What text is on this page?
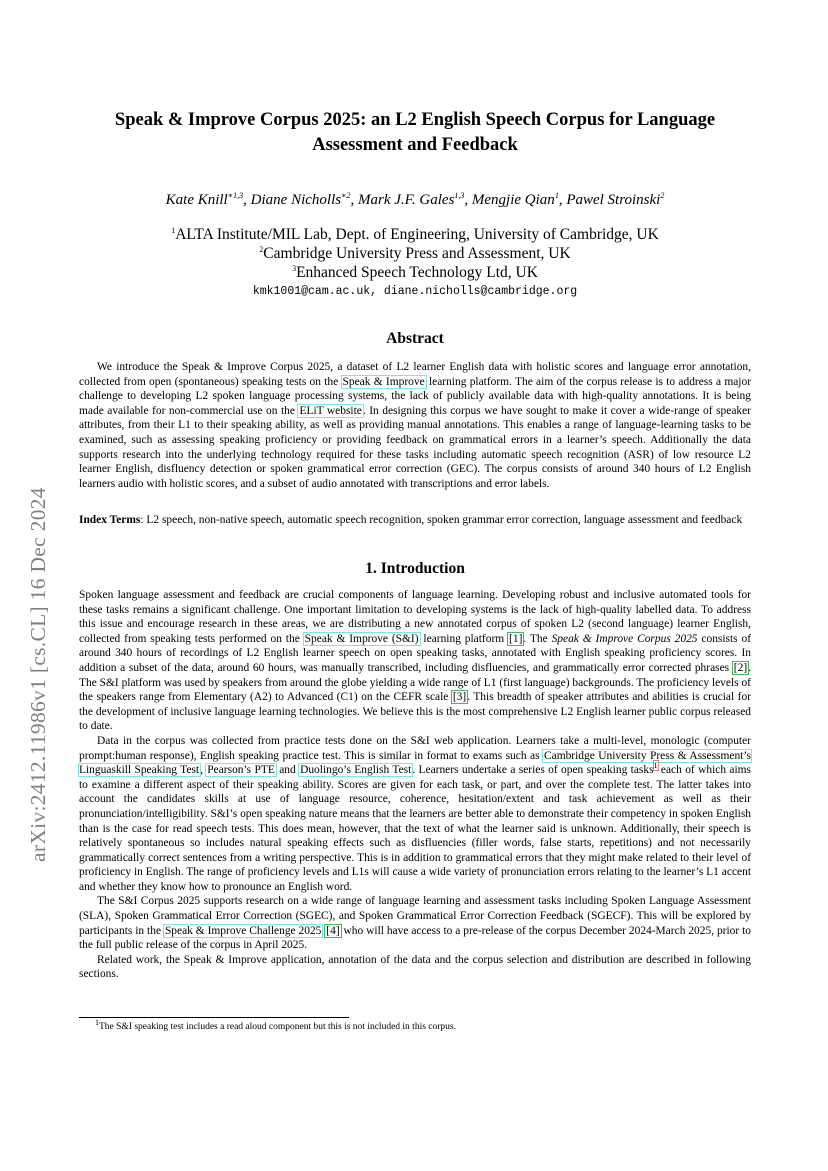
arXiv:2412.11986v1 [cs.CL] 16 Dec 2024
Speak & Improve Corpus 2025: an L2 English Speech Corpus for Language
Assessment and Feedback
Kate Knill$^{∗1,3}$, Diane Nicholls$^{∗2}$, Mark J.F. Gales$^{1,3}$, Mengjie Qian$^1$, Pawel Stroinski$^2$
$^1$ALTA Institute/MIL Lab, Dept. of Engineering, University of Cambridge, UK
$^2$Cambridge University Press and Assessment, UK
$^3$Enhanced Speech Technology Ltd, UK
kmk1001@cam.ac.uk, diane.nicholls@cambridge.org
Abstract

We introduce the Speak & Improve Corpus 2025, a dataset of L2 learner English data with holistic scores and language error annotation, collected from open (spontaneous) speaking tests on the Speak & Improve learning platform. The aim of the corpus release is to address a major challenge to developing L2 spoken language processing systems, the lack of publicly available data with high-quality annotations. It is being made available for non-commercial use on the ELiT website. In designing this corpus we have sought to make it cover a wide-range of speaker attributes, from their L1 to their speaking ability, as well as providing manual annotations. This enables a range of language-learning tasks to be examined, such as assessing speaking proficiency or providing feedback on grammatical errors in a learner’s speech. Additionally the data supports research into the underlying technology required for these tasks including automatic speech recognition (ASR) of low resource L2 learner English, disfluency detection or spoken grammatical error correction (GEC). The corpus consists of around 340 hours of L2 English learners audio with holistic scores, and a subset of audio annotated with transcriptions and error labels.

Index Terms: L2 speech, non-native speech, automatic speech recognition, spoken grammar error correction, language assessment and feedback

1. Introduction

Spoken language assessment and feedback are crucial components of language learning. Developing robust and inclusive automated tools for these tasks remains a significant challenge. One important limitation to developing systems is the lack of high-quality labelled data. To address this issue and encourage research in these areas, we are distributing a new annotated corpus of spoken L2 (second language) learner English, collected from speaking tests performed on the Speak & Improve (S&I) learning platform [1]. The Speak & Improve Corpus 2025 consists of around 340 hours of recordings of L2 English learner speech on open speaking tasks, annotated with English speaking proficiency scores. In addition a subset of the data, around 60 hours, was manually transcribed, including disfluencies, and grammatically error corrected phrases [2]. The S&I platform was used by speakers from around the globe yielding a wide range of L1 (first language) backgrounds. The proficiency levels of the speakers range from Elementary (A2) to Advanced (C1) on the CEFR scale [3]. This breadth of speaker attributes and abilities is crucial for the development of inclusive language learning technologies. We believe this is the most comprehensive L2 English learner public corpus released to date.

Data in the corpus was collected from practice tests done on the S&I web application. Learners take a multi-level, monologic (computer prompt:human response), English speaking practice test. This is similar in format to exams such as Cambridge University Press & Assessment’s Linguaskill Speaking Test, Pearson’s PTE and Duolingo’s English Test. Learners undertake a series of open speaking tasks$^1$ each of which aims to examine a different aspect of their speaking ability. Scores are given for each task, or part, and over the complete test. The latter takes into account the candidates skills at use of language resource, coherence, hesitation/extent and task achievement as well as their pronunciation/intelligibility. S&I’s open speaking nature means that the learners are better able to demonstrate their competency in spoken English than is the case for read speech tests. This does mean, however, that the text of what the learner said is unknown. Additionally, their speech is relatively spontaneous so includes natural speaking effects such as disfluencies (filler words, false starts, repetitions) and not necessarily grammatically correct sentences from a writing perspective. This is in addition to grammatical errors that they might make related to their level of proficiency in English. The range of proficiency levels and L1s will cause a wide variety of pronunciation errors relating to the learner’s L1 accent and whether they know how to pronounce an English word.

The S&I Corpus 2025 supports research on a wide range of language learning and assessment tasks including Spoken Language Assessment (SLA), Spoken Grammatical Error Correction (SGEC), and Spoken Grammatical Error Correction Feedback (SGECF). This will be explored by participants in the Speak & Improve Challenge 2025 [4] who will have access to a pre-release of the corpus December 2024-March 2025, prior to the full public release of the corpus in April 2025.

Related work, the Speak & Improve application, annotation of the data and the corpus selection and distribution are described in following sections.

$^1$The S&I speaking test includes a read aloud component but this is not included in this corpus.
